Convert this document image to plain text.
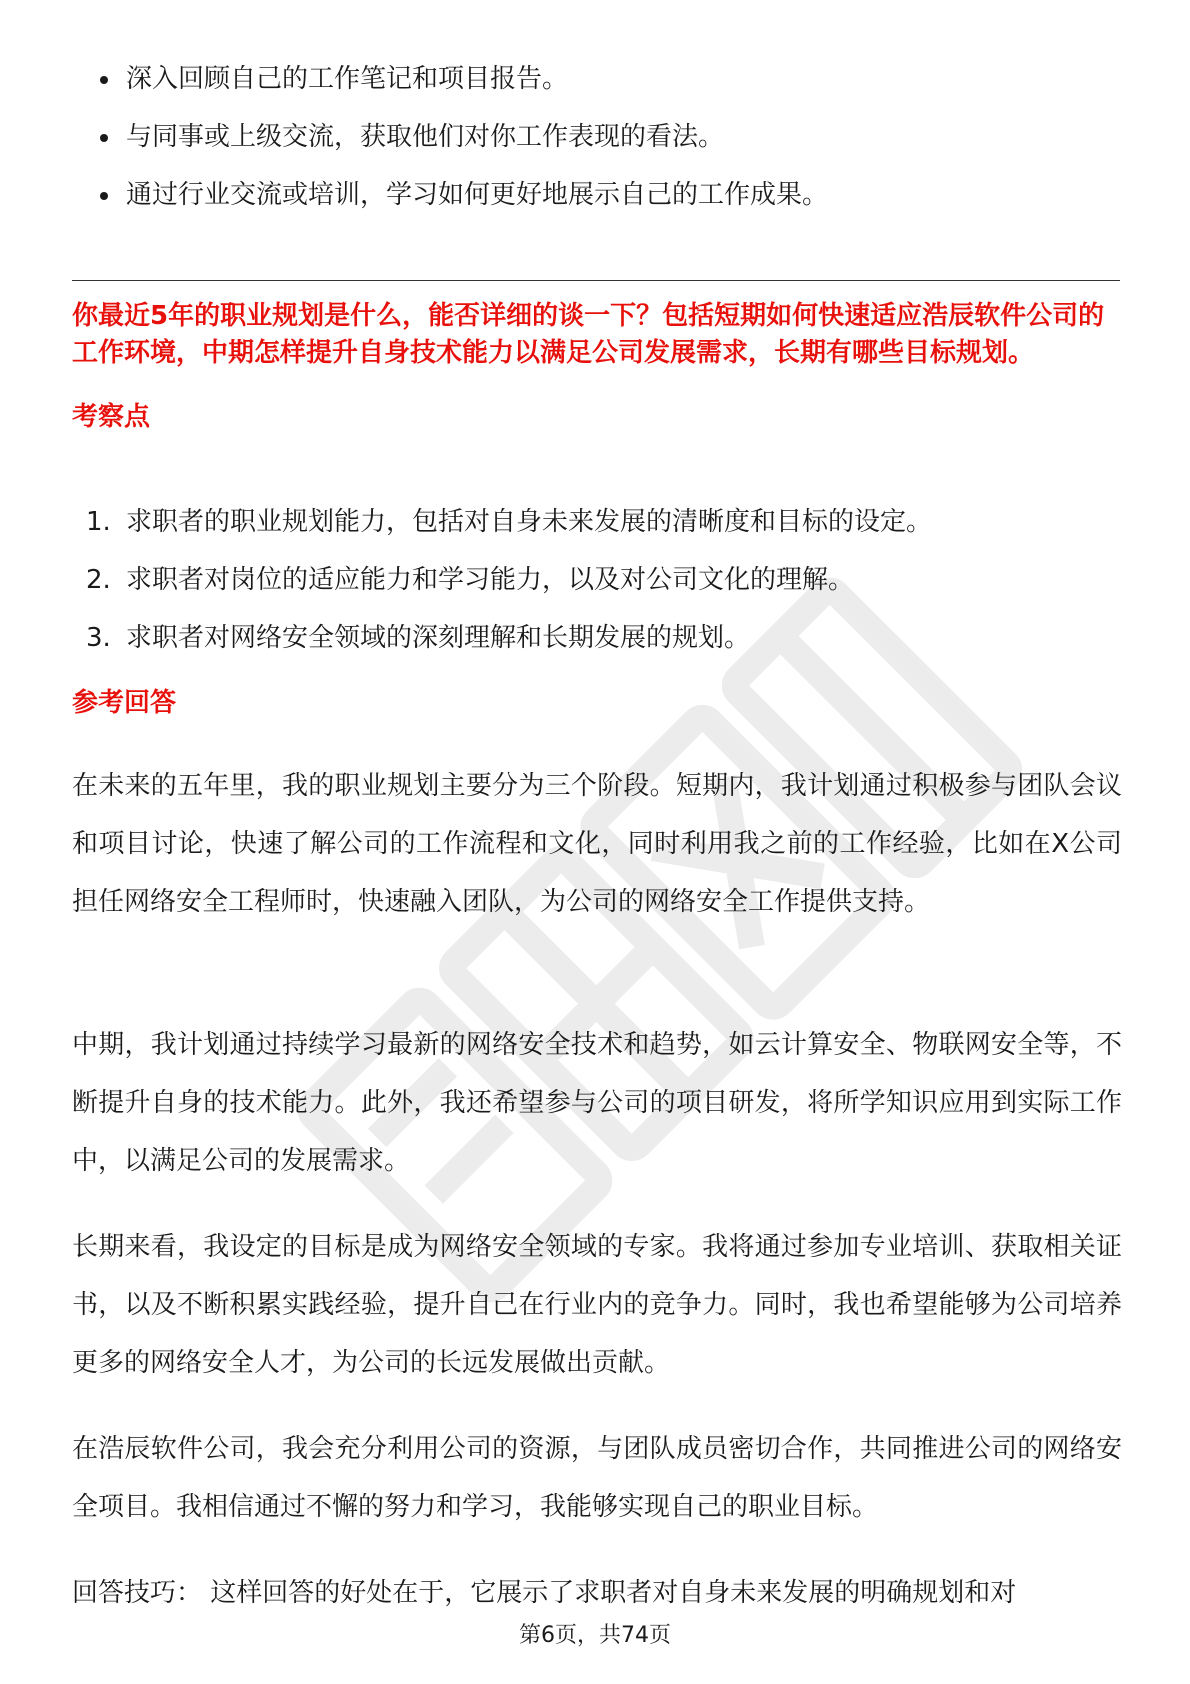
深入回顾自己的工作笔记和项目报告。
与同事或上级交流，获取他们对你工作表现的看法。
通过行业交流或培训，学习如何更好地展示自己的工作成果。

你最近5年的职业规划是什么，能否详细的谈一下？包括短期如何快速适应浩辰软件公司的工作环境，中期怎样提升自身技术能力以满足公司发展需求，长期有哪些目标规划。

考察点
1. 求职者的职业规划能力，包括对自身未来发展的清晰度和目标的设定。
2. 求职者对岗位的适应能力和学习能力，以及对公司文化的理解。
3. 求职者对网络安全领域的深刻理解和长期发展的规划。
参考回答

在未来的五年里，我的职业规划主要分为三个阶段。短期内，我计划通过积极参与团队会议和项目讨论，快速了解公司的工作流程和文化，同时利用我之前的工作经验，比如在X公司担任网络安全工程师时，快速融入团队，为公司的网络安全工作提供支持。

中期，我计划通过持续学习最新的网络安全技术和趋势，如云计算安全、物联网安全等，不断提升自身的技术能力。此外，我还希望参与公司的项目研发，将所学知识应用到实际工作中，以满足公司的发展需求。

长期来看，我设定的目标是成为网络安全领域的专家。我将通过参加专业培训、获取相关证书，以及不断积累实践经验，提升自己在行业内的竞争力。同时，我也希望能够为公司培养更多的网络安全人才，为公司的长远发展做出贡献。

在浩辰软件公司，我会充分利用公司的资源，与团队成员密切合作，共同推进公司的网络安全项目。我相信通过不懈的努力和学习，我能够实现自己的职业目标。

回答技巧： 这样回答的好处在于，它展示了求职者对自身未来发展的明确规划和对

第6页，共74页
